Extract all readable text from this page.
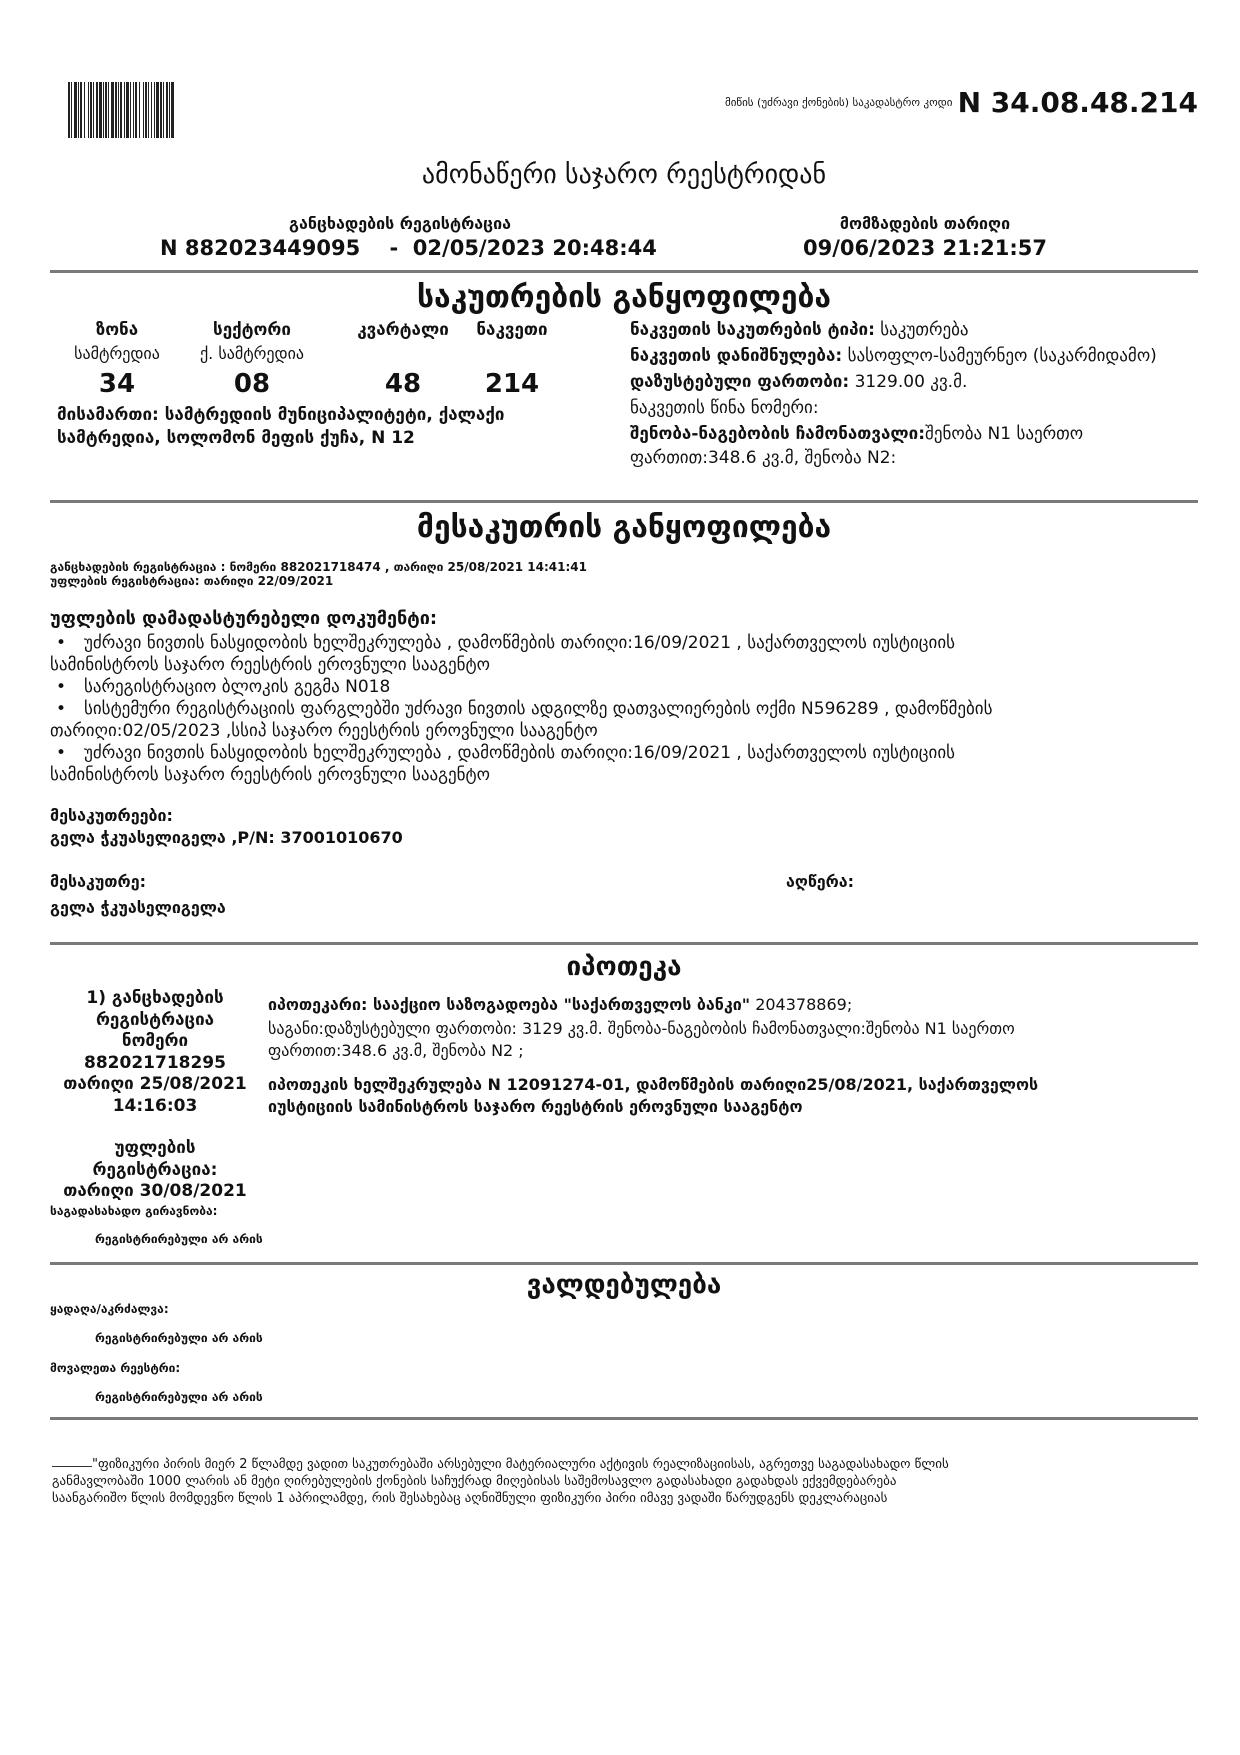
მიწის (უძრავი ქონების) საკადასტრო კოდი N 34.08.48.214
ამონაწერი საჯარო რეესტრიდან
განცხადების რეგისტრაცია
N 882023449095    -  02/05/2023 20:48:44
მომზადების თარიღი
09/06/2023 21:21:57
საკუთრების განყოფილება
ზონა
სამტრედია
34
სექტორი
ქ. სამტრედია
08
კვარტალი
48
ნაკვეთი
214
მისამართი: სამტრედიის მუნიციპალიტეტი, ქალაქი სამტრედია, სოლომონ მეფის ქუჩა, N 12
ნაკვეთის საკუთრების ტიპი: საკუთრება
ნაკვეთის დანიშნულება: სასოფლო-სამეურნეო (საკარმიდამო)
დაზუსტებული ფართობი: 3129.00 კვ.მ.
ნაკვეთის წინა ნომერი:
შენობა-ნაგებობის ჩამონათვალი:შენობა N1 საერთო ფართით:348.6 კვ.მ, შენობა N2:
მესაკუთრის განყოფილება
განცხადების რეგისტრაცია : ნომერი 882021718474 , თარიღი 25/08/2021 14:41:41
უფლების რეგისტრაცია: თარიღი 22/09/2021
უფლების დამადასტურებელი დოკუმენტი:
• უძრავი ნივთის ნასყიდობის ხელშეკრულება , დამოწმების თარიღი:16/09/2021 , საქართველოს იუსტიციის სამინისტროს საჯარო რეესტრის ეროვნული სააგენტო
• სარეგისტრაციო ბლოკის გეგმა N018
• სისტემური რეგისტრაციის ფარგლებში უძრავი ნივთის ადგილზე დათვალიერების ოქმი N596289 , დამოწმების თარიღი:02/05/2023 ,სსიპ საჯარო რეესტრის ეროვნული სააგენტო
• უძრავი ნივთის ნასყიდობის ხელშეკრულება , დამოწმების თარიღი:16/09/2021 , საქართველოს იუსტიციის სამინისტროს საჯარო რეესტრის ეროვნული სააგენტო
მესაკუთრეები:
გელა ჭკუასელიგელა ,P/N: 37001010670
მესაკუთრე:
გელა ჭკუასელიგელა
აღწერა:
იპოთეკა
1) განცხადების
რეგისტრაცია
ნომერი
882021718295
თარიღი 25/08/2021
14:16:03
უფლების
რეგისტრაცია:
თარიღი 30/08/2021
საგადასახადო გირავნობა:
რეგისტრირებული არ არის
იპოთეკარი: სააქციო საზოგადოება "საქართველოს ბანკი" 204378869;
საგანი:დაზუსტებული ფართობი: 3129 კვ.მ. შენობა-ნაგებობის ჩამონათვალი:შენობა N1 საერთო ფართით:348.6 კვ.მ, შენობა N2 ;
იპოთეკის ხელშეკრულება N 12091274-01, დამოწმების თარიღი25/08/2021, საქართველოს იუსტიციის სამინისტროს საჯარო რეესტრის ეროვნული სააგენტო
ვალდებულება
ყადაღა/აკრძალვა:
რეგისტრირებული არ არის
მოვალეთა რეესტრი:
რეგისტრირებული არ არის
"ფიზიკური პირის მიერ 2 წლამდე ვადით საკუთრებაში არსებული მატერიალური აქტივის რეალიზაციისას, აგრეთვე საგადასახადო წლის
განმავლობაში 1000 ლარის ან მეტი ღირებულების ქონების საჩუქრად მიღებისას საშემოსავლო გადასახადი გადახდას ექვემდებარება
საანგარიშო წლის მომდევნო წლის 1 აპრილამდე, რის შესახებაც აღნიშნული ფიზიკური პირი იმავე ვადაში წარუდგენს დეკლარაციას
